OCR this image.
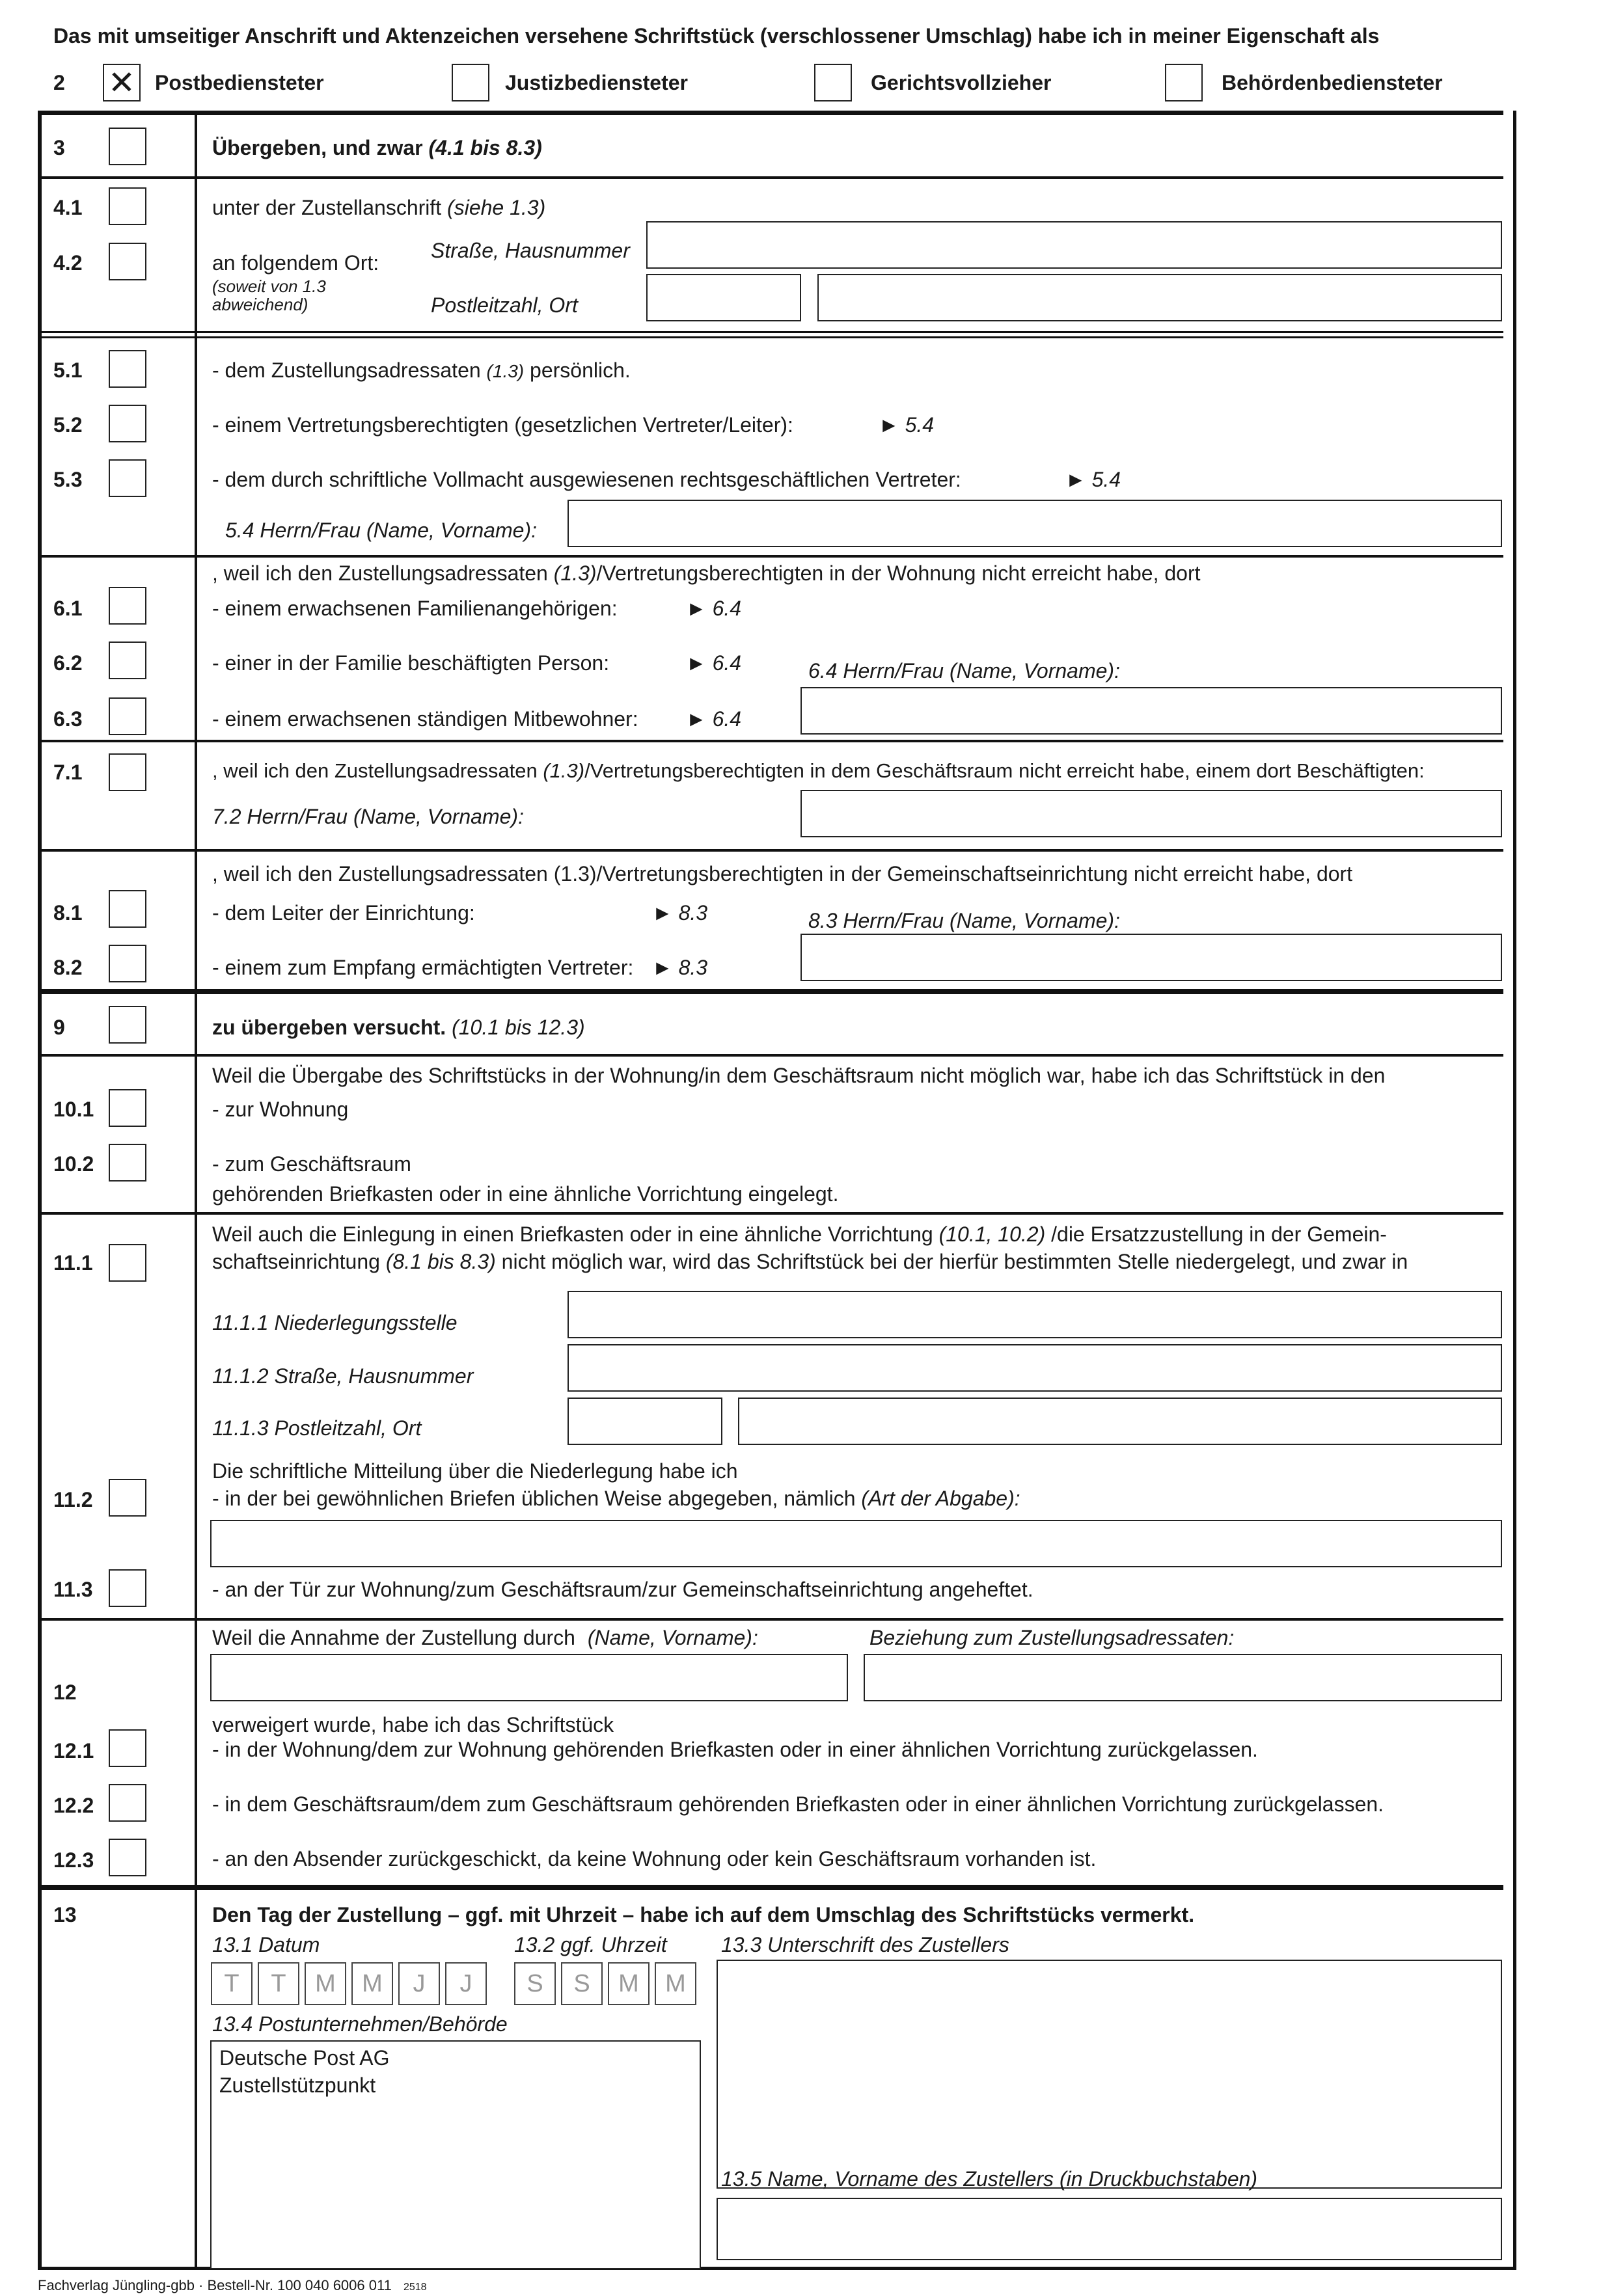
Das mit umseitiger Anschrift und Aktenzeichen versehene Schriftstück (verschlossener Umschlag) habe ich in meiner Eigenschaft als
2 ✕ Postbediensteter	Justizbediensteter	Gerichtsvollzieher	Behördenbediensteter
3	Übergeben, und zwar (4.1 bis 8.3)
4.1	unter der Zustellanschrift (siehe 1.3)
4.2	an folgendem Ort:
(soweit von 1.3 abweichend)
Straße, Hausnummer
Postleitzahl, Ort
5.1	- dem Zustellungsadressaten (1.3) persönlich.
5.2	- einem Vertretungsberechtigten (gesetzlichen Vertreter/Leiter):	► 5.4
5.3	- dem durch schriftliche Vollmacht ausgewiesenen rechtsgeschäftlichen Vertreter:	► 5.4
5.4 Herrn/Frau (Name, Vorname):
, weil ich den Zustellungsadressaten (1.3)/Vertretungsberechtigten in der Wohnung nicht erreicht habe, dort
6.1	- einem erwachsenen Familienangehörigen:	► 6.4
6.2	- einer in der Familie beschäftigten Person:	► 6.4	6.4 Herrn/Frau (Name, Vorname):
6.3	- einem erwachsenen ständigen Mitbewohner: ► 6.4
7.1	, weil ich den Zustellungsadressaten (1.3)/Vertretungsberechtigten in dem Geschäftsraum nicht erreicht habe, einem dort Beschäftigten:
7.2 Herrn/Frau (Name, Vorname):
, weil ich den Zustellungsadressaten (1.3)/Vertretungsberechtigten in der Gemeinschaftseinrichtung nicht erreicht habe, dort
8.1	- dem Leiter der Einrichtung:	► 8.3	8.3 Herrn/Frau (Name, Vorname):
8.2	- einem zum Empfang ermächtigten Vertreter: ► 8.3
9	zu übergeben versucht. (10.1 bis 12.3)
Weil die Übergabe des Schriftstücks in der Wohnung/in dem Geschäftsraum nicht möglich war, habe ich das Schriftstück in den
10.1	- zur Wohnung
10.2	- zum Geschäftsraum
gehörenden Briefkasten oder in eine ähnliche Vorrichtung eingelegt.
Weil auch die Einlegung in einen Briefkasten oder in eine ähnliche Vorrichtung (10.1, 10.2) /die Ersatzzustellung in der Gemein-
schaftseinrichtung (8.1 bis 8.3) nicht möglich war, wird das Schriftstück bei der hierfür bestimmten Stelle niedergelegt, und zwar in
11.1
11.1.1 Niederlegungsstelle
11.1.2 Straße, Hausnummer
11.1.3 Postleitzahl, Ort
Die schriftliche Mitteilung über die Niederlegung habe ich
11.2	- in der bei gewöhnlichen Briefen üblichen Weise abgegeben, nämlich (Art der Abgabe):
11.3	- an der Tür zur Wohnung/zum Geschäftsraum/zur Gemeinschaftseinrichtung angeheftet.
Weil die Annahme der Zustellung durch (Name, Vorname):	Beziehung zum Zustellungsadressaten:
12
verweigert wurde, habe ich das Schriftstück
12.1	- in der Wohnung/dem zur Wohnung gehörenden Briefkasten oder in einer ähnlichen Vorrichtung zurückgelassen.
12.2	- in dem Geschäftsraum/dem zum Geschäftsraum gehörenden Briefkasten oder in einer ähnlichen Vorrichtung zurückgelassen.
12.3	- an den Absender zurückgeschickt, da keine Wohnung oder kein Geschäftsraum vorhanden ist.
13	Den Tag der Zustellung – ggf. mit Uhrzeit – habe ich auf dem Umschlag des Schriftstücks vermerkt.
13.1 Datum	13.2 ggf. Uhrzeit	13.3 Unterschrift des Zustellers
T	T	M	M	J	J	S	S	M	M
13.4 Postunternehmen/Behörde
Deutsche Post AG
Zustellstützpunkt
13.5 Name, Vorname des Zustellers (in Druckbuchstaben)
Fachverlag Jüngling-gbb · Bestell-Nr. 100 040 6006 011 2518
